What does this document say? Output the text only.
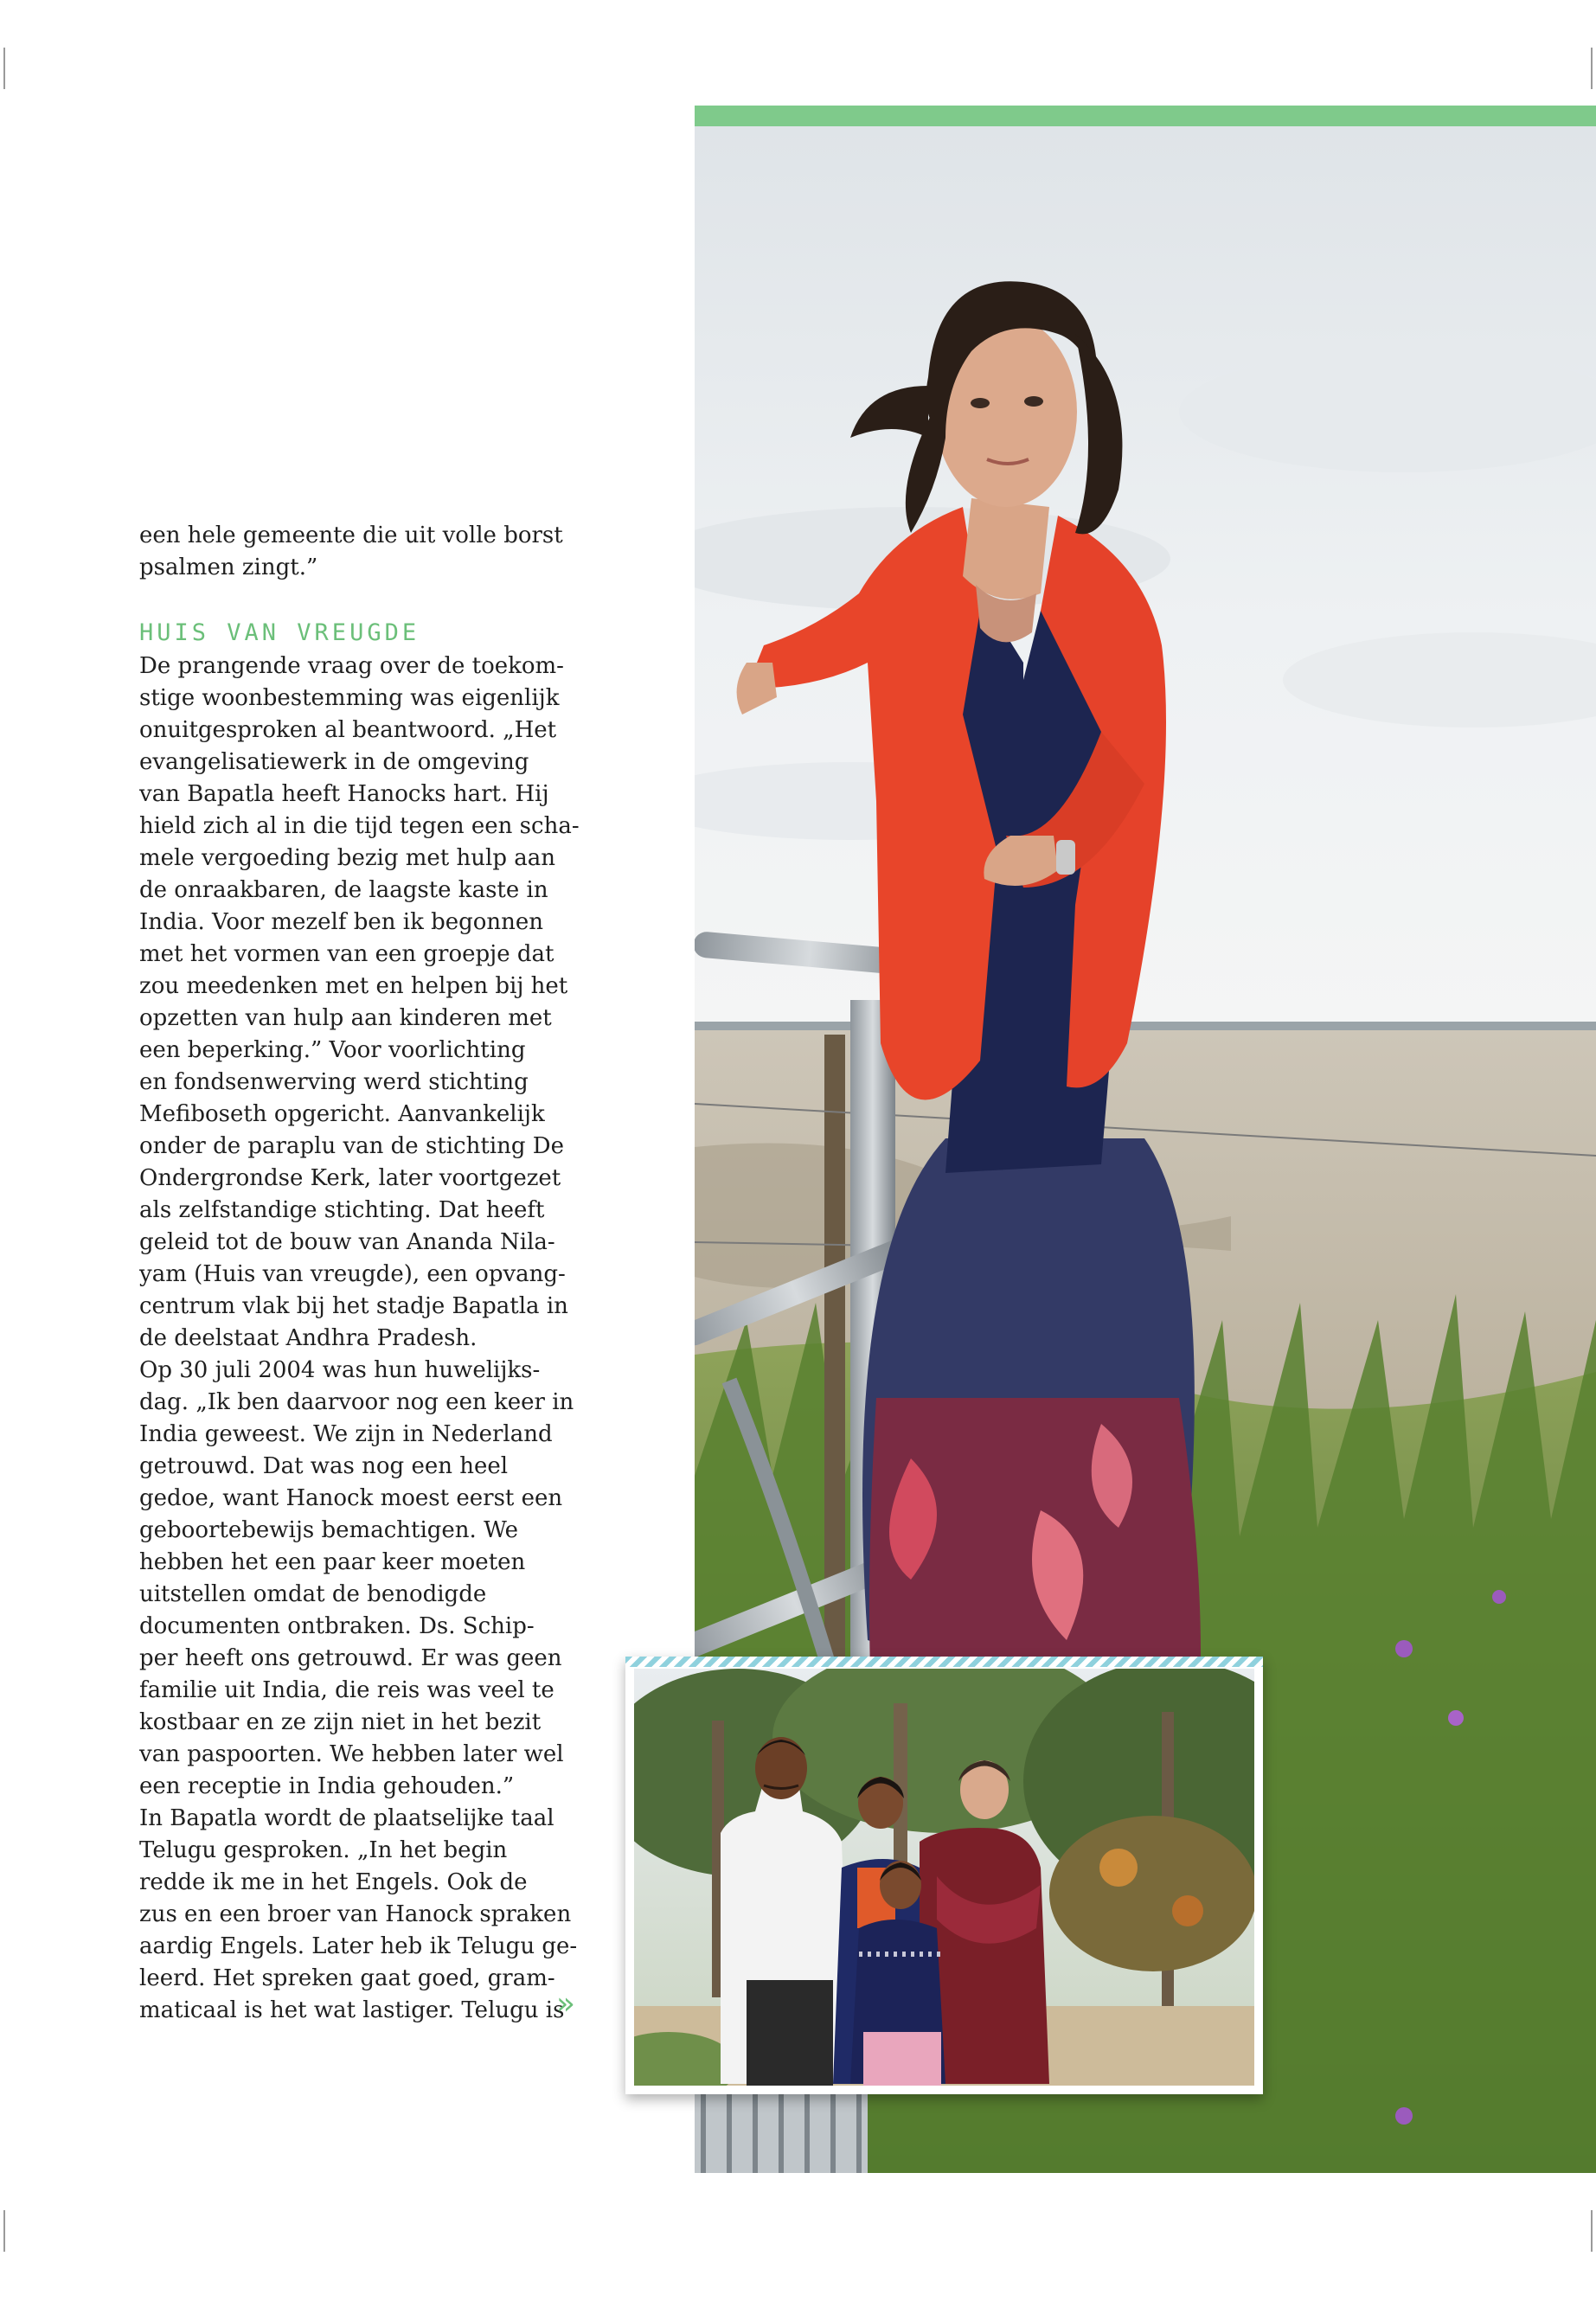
een hele gemeente die uit volle borst
psalmen zingt.”

HUIS VAN VREUGDE

De prangende vraag over de toekom-
stige woonbestemming was eigenlijk
onuitgesproken al beantwoord. „Het
evangelisatiewerk in de omgeving
van Bapatla heeft Hanocks hart. Hij
hield zich al in die tijd tegen een scha-
mele vergoeding bezig met hulp aan
de onraakbaren, de laagste kaste in
India. Voor mezelf ben ik begonnen
met het vormen van een groepje dat
zou meedenken met en helpen bij het
opzetten van hulp aan kinderen met
een beperking.” Voor voorlichting
en fondsenwerving werd stichting
Mefiboseth opgericht. Aanvankelijk
onder de paraplu van de stichting De
Ondergrondse Kerk, later voortgezet
als zelfstandige stichting. Dat heeft
geleid tot de bouw van Ananda Nila-
yam (Huis van vreugde), een opvang-
centrum vlak bij het stadje Bapatla in
de deelstaat Andhra Pradesh.
Op 30 juli 2004 was hun huwelijks-
dag. „Ik ben daarvoor nog een keer in
India geweest. We zijn in Nederland
getrouwd. Dat was nog een heel
gedoe, want Hanock moest eerst een
geboortebewijs bemachtigen. We
hebben het een paar keer moeten
uitstellen omdat de benodigde
documenten ontbraken. Ds. Schip-
per heeft ons getrouwd. Er was geen
familie uit India, die reis was veel te
kostbaar en ze zijn niet in het bezit
van paspoorten. We hebben later wel
een receptie in India gehouden.”
In Bapatla wordt de plaatselijke taal
Telugu gesproken. „In het begin
redde ik me in het Engels. Ook de
zus en een broer van Hanock spraken
aardig Engels. Later heb ik Telugu ge-
leerd. Het spreken gaat goed, gram-
maticaal is het wat lastiger. Telugu is

»
